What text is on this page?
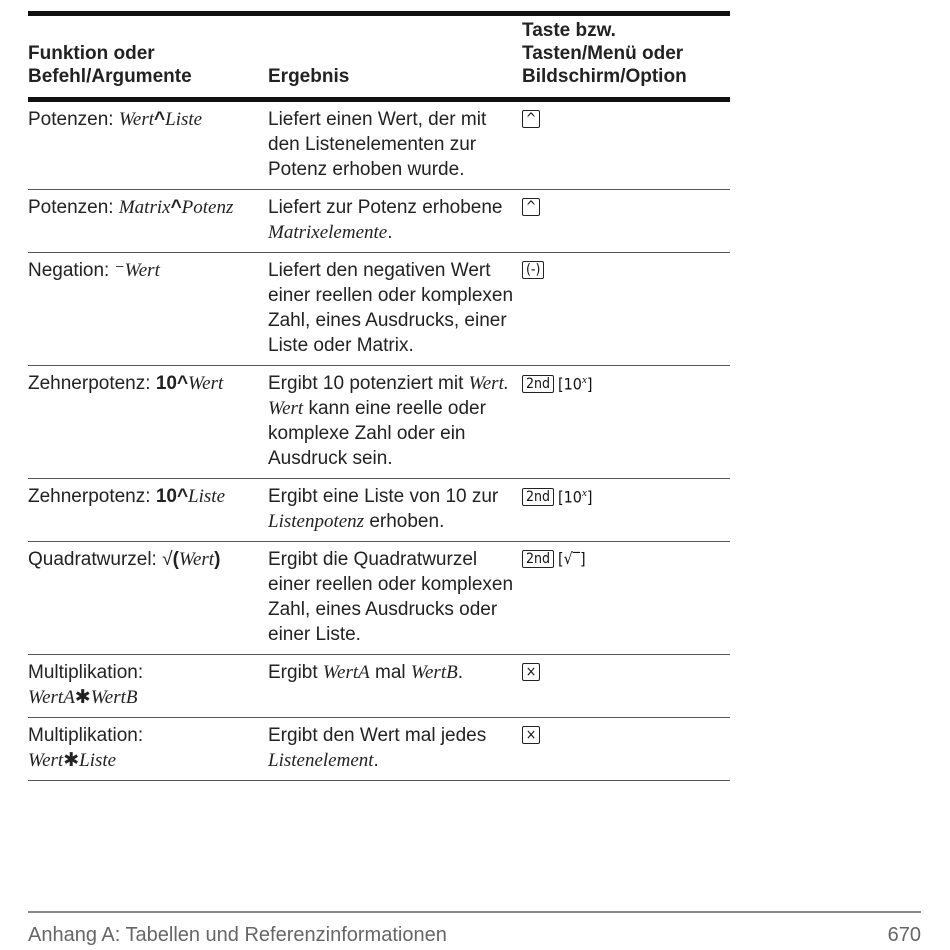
Funktion oder
Befehl/Argumente	Ergebnis	Taste bzw.
Tasten/Menü oder
Bildschirm/Option
Potenzen: Wert^Liste	Liefert einen Wert, der mit den Listenelementen zur Potenz erhoben wurde.	^
Potenzen: Matrix^Potenz	Liefert zur Potenz erhobene Matrixelemente.	^
Negation: ⁻Wert	Liefert den negativen Wert einer reellen oder komplexen Zahl, eines Ausdrucks, einer Liste oder Matrix.	(-)
Zehnerpotenz: 10^Wert	Ergibt 10 potenziert mit Wert. Wert kann eine reelle oder komplexe Zahl oder ein Ausdruck sein.	2nd [10$^x$]
Zehnerpotenz: 10^Liste	Ergibt eine Liste von 10 zur Listenpotenz erhoben.	2nd [10$^x$]
Quadratwurzel: √(Wert)	Ergibt die Quadratwurzel einer reellen oder komplexen Zahl, eines Ausdrucks oder einer Liste.	2nd [√‾]
Multiplikation:
WertA✱WertB	Ergibt WertA mal WertB.	×
Multiplikation:
Wert✱Liste	Ergibt den Wert mal jedes Listenelement.	×
Anhang A: Tabellen und Referenzinformationen	670
